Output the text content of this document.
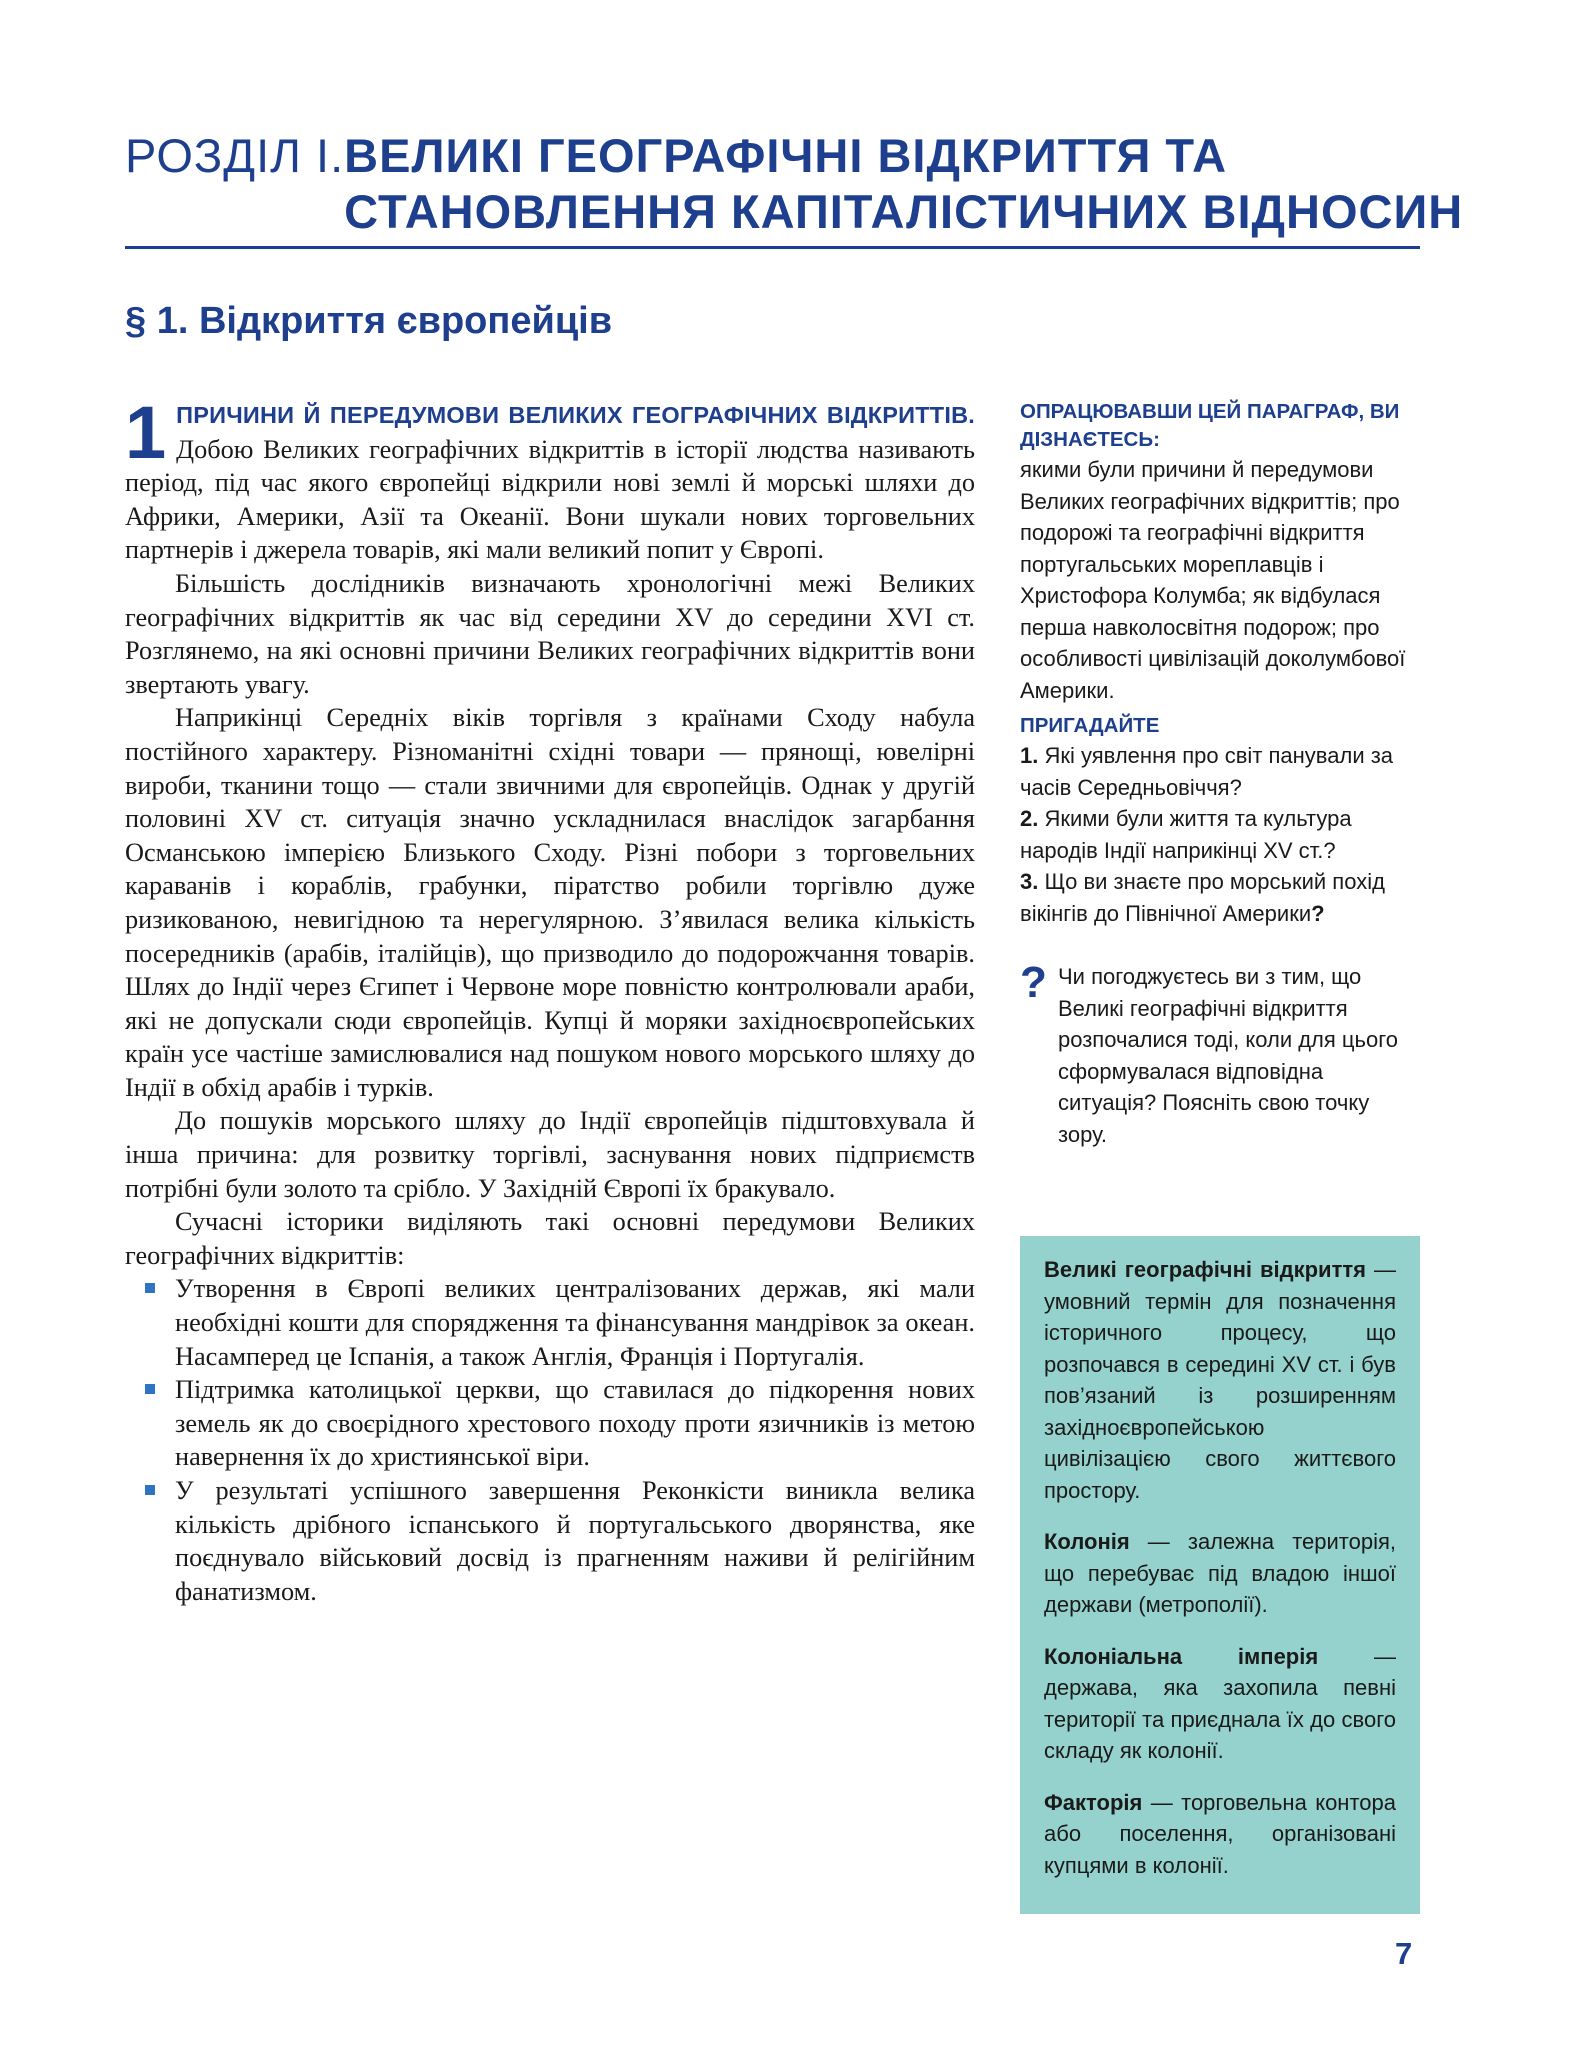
РОЗДІЛ І. ВЕЛИКІ ГЕОГРАФІЧНІ ВІДКРИТТЯ ТА
СТАНОВЛЕННЯ КАПІТАЛІСТИЧНИХ ВІДНОСИН
§ 1. Відкриття європейців

1 ПРИЧИНИ Й ПЕРЕДУМОВИ ВЕЛИКИХ ГЕОГРАФІЧНИХ ВІДКРИТТІВ. Добою Великих географічних відкриттів в історії людства називають період, під час якого європейці відкрили нові землі й морські шляхи до Африки, Америки, Азії та Океанії. Вони шукали нових торговельних партнерів і джерела товарів, які мали великий попит у Європі.

Більшість дослідників визначають хронологічні межі Великих географічних відкриттів як час від середини XV до середини XVI ст. Розглянемо, на які основні причини Великих географічних відкриттів вони звертають увагу.

Наприкінці Середніх віків торгівля з країнами Сходу набула постійного характеру. Різноманітні східні товари — прянощі, ювелірні вироби, тканини тощо — стали звичними для європейців. Однак у другій половині XV ст. ситуація значно ускладнилася внаслідок загарбання Османською імперією Близького Сходу. Різні побори з торговельних караванів і кораблів, грабунки, піратство робили торгівлю дуже ризикованою, невигідною та нерегулярною. З’явилася велика кількість посередників (арабів, італійців), що призводило до подорожчання товарів. Шлях до Індії через Єгипет і Червоне море повністю контролювали араби, які не допускали сюди європейців. Купці й моряки західноєвропейських країн усе частіше замислювалися над пошуком нового морського шляху до Індії в обхід арабів і турків.

До пошуків морського шляху до Індії європейців підштовхувала й інша причина: для розвитку торгівлі, заснування нових підприємств потрібні були золото та срібло. У Західній Європі їх бракувало.

Сучасні історики виділяють такі основні передумови Великих географічних відкриттів:

Утворення в Європі великих централізованих держав, які мали необхідні кошти для спорядження та фінансування мандрівок за океан. Насамперед це Іспанія, а також Англія, Франція і Португалія.
Підтримка католицької церкви, що ставилася до підкорення нових земель як до своєрідного хрестового походу проти язичників із метою навернення їх до християнської віри.
У результаті успішного завершення Реконкісти виникла велика кількість дрібного іспанського й португальського дворянства, яке поєднувало військовий досвід із прагненням наживи й релігійним фанатизмом.
ОПРАЦЮВАВШИ ЦЕЙ ПАРАГРАФ, ВИ ДІЗНАЄТЕСЬ:

якими були причини й передумови Великих географічних відкриттів; про подорожі та географічні відкриття португальських мореплавців і Христофора Колумба; як відбулася перша навколосвітня подорож; про особливості цивілізацій доколумбової Америки.

ПРИГАДАЙТЕ

1. Які уявлення про світ панували за часів Середньовіччя?

2. Якими були життя та культура народів Індії наприкінці XV ст.?

3. Що ви знаєте про морський похід вікінгів до Північної Америки?

? Чи погоджуєтесь ви з тим, що Великі географічні відкриття розпочалися тоді, коли для цього сформувалася відповідна ситуація? Поясніть свою точку зору.

Великі географічні відкриття — умовний термін для позначення історичного процесу, що розпочався в середині XV ст. і був пов’язаний із розширенням західноєвропейською цивілізацією свого життєвого простору.

Колонія — залежна територія, що перебуває під владою іншої держави (метрополії).

Колоніальна імперія — держава, яка захопила певні території та приєднала їх до свого складу як колонії.

Факторія — торговельна контора або поселення, організовані купцями в колонії.

7
